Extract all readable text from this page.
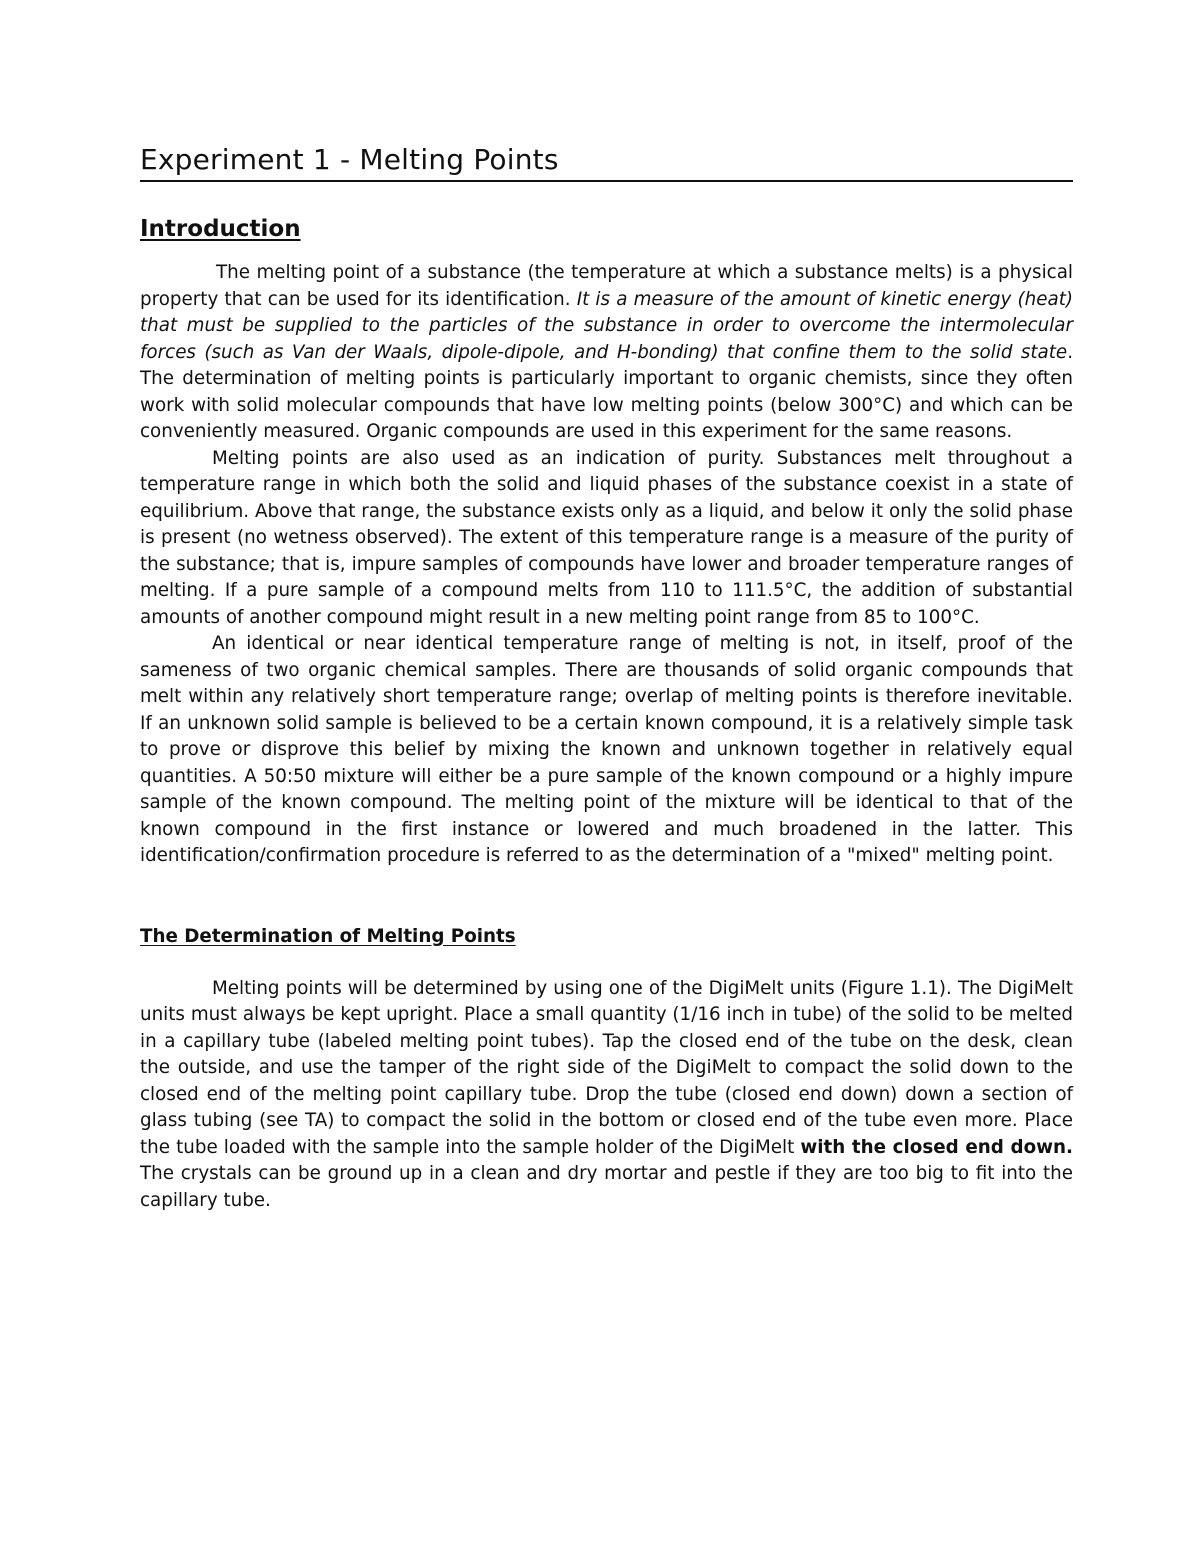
Experiment 1 - Melting Points
Introduction

The melting point of a substance (the temperature at which a substance melts) is a physical property that can be used for its identification. It is a measure of the amount of kinetic energy (heat) that must be supplied to the particles of the substance in order to overcome the intermolecular forces (such as Van der Waals, dipole-dipole, and H-bonding) that confine them to the solid state. The determination of melting points is particularly important to organic chemists, since they often work with solid molecular compounds that have low melting points (below 300°C) and which can be conveniently measured. Organic compounds are used in this experiment for the same reasons.

Melting points are also used as an indication of purity. Substances melt throughout a temperature range in which both the solid and liquid phases of the substance coexist in a state of equilibrium. Above that range, the substance exists only as a liquid, and below it only the solid phase is present (no wetness observed). The extent of this temperature range is a measure of the purity of the substance; that is, impure samples of compounds have lower and broader temperature ranges of melting. If a pure sample of a compound melts from 110 to 111.5°C, the addition of substantial amounts of another compound might result in a new melting point range from 85 to 100°C.

An identical or near identical temperature range of melting is not, in itself, proof of the sameness of two organic chemical samples. There are thousands of solid organic compounds that melt within any relatively short temperature range; overlap of melting points is therefore inevitable. If an unknown solid sample is believed to be a certain known compound, it is a relatively simple task to prove or disprove this belief by mixing the known and unknown together in relatively equal quantities. A 50:50 mixture will either be a pure sample of the known compound or a highly impure sample of the known compound. The melting point of the mixture will be identical to that of the known compound in the first instance or lowered and much broadened in the latter. This identification/confirmation procedure is referred to as the determination of a "mixed" melting point.

The Determination of Melting Points

Melting points will be determined by using one of the DigiMelt units (Figure 1.1). The DigiMelt units must always be kept upright. Place a small quantity (1/16 inch in tube) of the solid to be melted in a capillary tube (labeled melting point tubes). Tap the closed end of the tube on the desk, clean the outside, and use the tamper of the right side of the DigiMelt to compact the solid down to the closed end of the melting point capillary tube. Drop the tube (closed end down) down a section of glass tubing (see TA) to compact the solid in the bottom or closed end of the tube even more. Place the tube loaded with the sample into the sample holder of the DigiMelt with the closed end down. The crystals can be ground up in a clean and dry mortar and pestle if they are too big to fit into the capillary tube.
